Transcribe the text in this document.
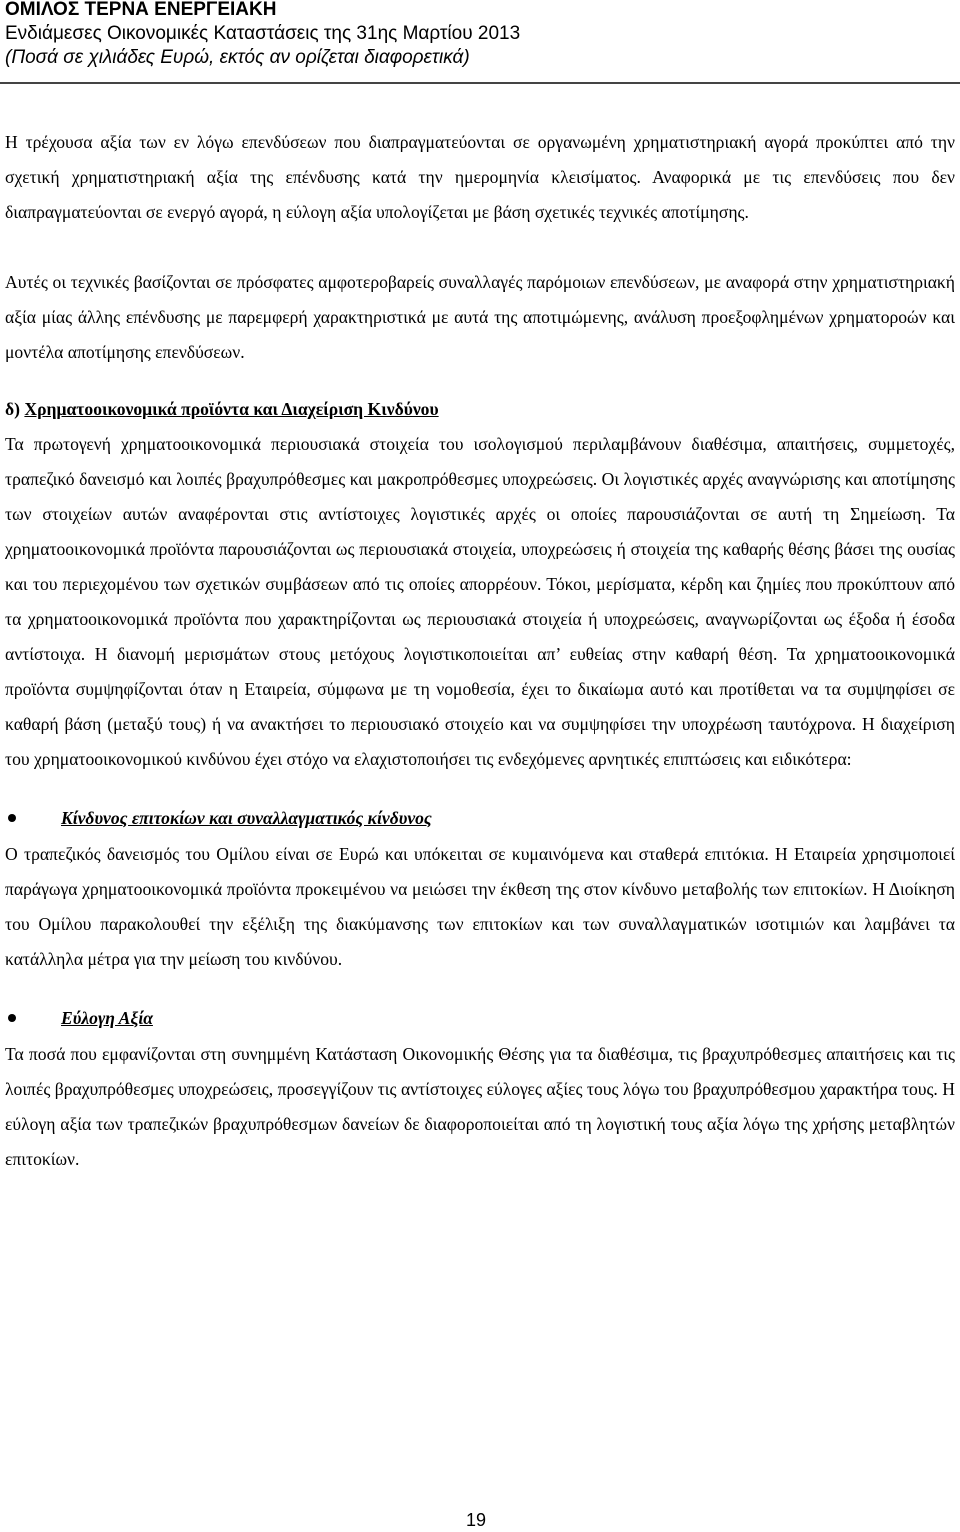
ΟΜΙΛΟΣ ΤΕΡΝΑ ΕΝΕΡΓΕΙΑΚΗ
Ενδιάμεσες Οικονομικές Καταστάσεις της 31ης Μαρτίου 2013
(Ποσά σε χιλιάδες Ευρώ, εκτός αν ορίζεται διαφορετικά)

Η τρέχουσα αξία των εν λόγω επενδύσεων που διαπραγματεύονται σε οργανωμένη χρηματιστηριακή αγορά προκύπτει από την σχετική χρηματιστηριακή αξία της επένδυσης κατά την ημερομηνία κλεισίματος. Αναφορικά με τις επενδύσεις που δεν διαπραγματεύονται σε ενεργό αγορά, η εύλογη αξία υπολογίζεται με βάση σχετικές τεχνικές αποτίμησης.

Αυτές οι τεχνικές βασίζονται σε πρόσφατες αμφοτεροβαρείς συναλλαγές παρόμοιων επενδύσεων, με αναφορά στην χρηματιστηριακή αξία μίας άλλης επένδυσης με παρεμφερή χαρακτηριστικά με αυτά της αποτιμώμενης, ανάλυση προεξοφλημένων χρηματοροών και μοντέλα αποτίμησης επενδύσεων.

δ) Χρηματοοικονομικά προϊόντα και Διαχείριση Κινδύνου

Τα πρωτογενή χρηματοοικονομικά περιουσιακά στοιχεία του ισολογισμού περιλαμβάνουν διαθέσιμα, απαιτήσεις, συμμετοχές, τραπεζικό δανεισμό και λοιπές βραχυπρόθεσμες και μακροπρόθεσμες υποχρεώσεις. Οι λογιστικές αρχές αναγνώρισης και αποτίμησης των στοιχείων αυτών αναφέρονται στις αντίστοιχες λογιστικές αρχές οι οποίες παρουσιάζονται σε αυτή τη Σημείωση. Τα χρηματοοικονομικά προϊόντα παρουσιάζονται ως περιουσιακά στοιχεία, υποχρεώσεις ή στοιχεία της καθαρής θέσης βάσει της ουσίας και του περιεχομένου των σχετικών συμβάσεων από τις οποίες απορρέουν. Τόκοι, μερίσματα, κέρδη και ζημίες που προκύπτουν από τα χρηματοοικονομικά προϊόντα που χαρακτηρίζονται ως περιουσιακά στοιχεία ή υποχρεώσεις, αναγνωρίζονται ως έξοδα ή έσοδα αντίστοιχα. Η διανομή μερισμάτων στους μετόχους λογιστικοποιείται απ’ ευθείας στην καθαρή θέση. Τα χρηματοοικονομικά προϊόντα συμψηφίζονται όταν η Εταιρεία, σύμφωνα με τη νομοθεσία, έχει το δικαίωμα αυτό και προτίθεται να τα συμψηφίσει σε καθαρή βάση (μεταξύ τους) ή να ανακτήσει το περιουσιακό στοιχείο και να συμψηφίσει την υποχρέωση ταυτόχρονα. Η διαχείριση του χρηματοοικονομικού κινδύνου έχει στόχο να ελαχιστοποιήσει τις ενδεχόμενες αρνητικές επιπτώσεις και ειδικότερα:

Κίνδυνος επιτοκίων και συναλλαγματικός κίνδυνος

Ο τραπεζικός δανεισμός του Ομίλου είναι σε Ευρώ και υπόκειται σε κυμαινόμενα και σταθερά επιτόκια. Η Εταιρεία χρησιμοποιεί παράγωγα χρηματοοικονομικά προϊόντα προκειμένου να μειώσει την έκθεση της στον κίνδυνο μεταβολής των επιτοκίων. Η Διοίκηση του Ομίλου παρακολουθεί την εξέλιξη της διακύμανσης των επιτοκίων και των συναλλαγματικών ισοτιμιών και λαμβάνει τα κατάλληλα μέτρα για την μείωση του κινδύνου.

Εύλογη Αξία

Τα ποσά που εμφανίζονται στη συνημμένη Κατάσταση Οικονομικής Θέσης για τα διαθέσιμα, τις βραχυπρόθεσμες απαιτήσεις και τις λοιπές βραχυπρόθεσμες υποχρεώσεις, προσεγγίζουν τις αντίστοιχες εύλογες αξίες τους λόγω του βραχυπρόθεσμου χαρακτήρα τους. Η εύλογη αξία των τραπεζικών βραχυπρόθεσμων δανείων δε διαφοροποιείται από τη λογιστική τους αξία λόγω της χρήσης μεταβλητών επιτοκίων.

19
